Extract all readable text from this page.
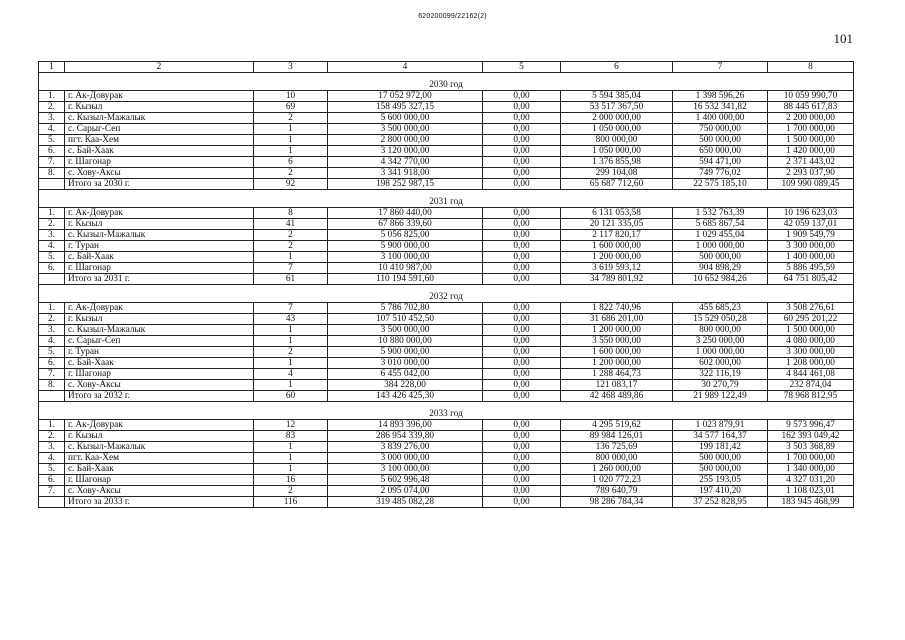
620200099/22162(2)
101
1	2	3	4	5	6	7	8
2030 год							
1.	г. Ак-Довурак	10	17 052 972,00	0,00	5 594 385,04	1 398 596,26	10 059 990,70
2.	г. Кызыл	69	158 495 327,15	0,00	53 517 367,50	16 532 341,82	88 445 617,83
3.	с. Кызыл-Мажалык	2	5 600 000,00	0,00	2 000 000,00	1 400 000,00	2 200 000,00
4.	с. Сарыг-Сеп	1	3 500 000,00	0,00	1 050 000,00	750 000,00	1 700 000,00
5.	пгт. Каа-Хем	1	2 800 000,00	0,00	800 000,00	500 000,00	1 500 000,00
6.	с. Бай-Хаак	1	3 120 000,00	0,00	1 050 000,00	650 000,00	1 420 000,00
7.	г. Шагонар	6	4 342 770,00	0,00	1 376 855,98	594 471,00	2 371 443,02
8.	с. Хову-Аксы	2	3 341 918,00	0,00	299 104,08	749 776,02	2 293 037,90
	Итого за 2030 г.	92	198 252 987,15	0,00	65 687 712,60	22 575 185,10	109 990 089,45
2031 год							
1.	г. Ак-Довурак	8	17 860 440,00	0,00	6 131 053,58	1 532 763,39	10 196 623,03
2.	г. Кызыл	41	67 866 339,60	0,00	20 121 335,05	5 685 867,54	42 059 137,01
3.	с. Кызыл-Мажалык	2	5 056 825,00	0,00	2 117 820,17	1 029 455,04	1 909 549,79
4.	г. Туран	2	5 900 000,00	0,00	1 600 000,00	1 000 000,00	3 300 000,00
5.	с. Бай-Хаак	1	3 100 000,00	0,00	1 200 000,00	500 000,00	1 400 000,00
6.	г. Шагонар	7	10 410 987,00	0,00	3 619 593,12	904 898,29	5 886 495,59
	Итого за 2031 г.	61	110 194 591,60	0,00	34 789 801,92	10 652 984,26	64 751 805,42
2032 год							
1.	г. Ак-Довурак	7	5 786 702,80	0,00	1 822 740,96	455 685,23	3 508 276,61
2.	г. Кызыл	43	107 510 452,50	0,00	31 686 201,00	15 529 050,28	60 295 201,22
3.	с. Кызыл-Мажалык	1	3 500 000,00	0,00	1 200 000,00	800 000,00	1 500 000,00
4.	с. Сарыг-Сеп	1	10 880 000,00	0,00	3 550 000,00	3 250 000,00	4 080 000,00
5.	г. Туран	2	5 900 000,00	0,00	1 600 000,00	1 000 000,00	3 300 000,00
6.	с. Бай-Хаак	1	3 010 000,00	0,00	1 200 000,00	602 000,00	1 208 000,00
7.	г. Шагонар	4	6 455 042,00	0,00	1 288 464,73	322 116,19	4 844 461,08
8.	с. Хову-Аксы	1	384 228,00	0,00	121 083,17	30 270,79	232 874,04
	Итого за 2032 г.	60	143 426 425,30	0,00	42 468 489,86	21 989 122,49	78 968 812,95
2033 год							
1.	г. Ак-Довурак	12	14 893 396,00	0,00	4 295 519,62	1 023 879,91	9 573 996,47
2.	г. Кызыл	83	286 954 339,80	0,00	89 984 126,01	34 577 164,37	162 393 049,42
3.	с. Кызыл-Мажалык	1	3 839 276,00	0,00	136 725,69	199 181,42	3 503 368,89
4.	пгт. Каа-Хем	1	3 000 000,00	0,00	800 000,00	500 000,00	1 700 000,00
5.	с. Бай-Хаак	1	3 100 000,00	0,00	1 260 000,00	500 000,00	1 340 000,00
6.	г. Шагонар	16	5 602 996,48	0,00	1 020 772,23	255 193,05	4 327 031,20
7.	с. Хову-Аксы	2	2 095 074,00	0,00	789 640,79	197 410,20	1 108 023,01
	Итого за 2033 г.	116	319 485 082,28	0,00	98 286 784,34	37 252 828,95	183 945 468,99
